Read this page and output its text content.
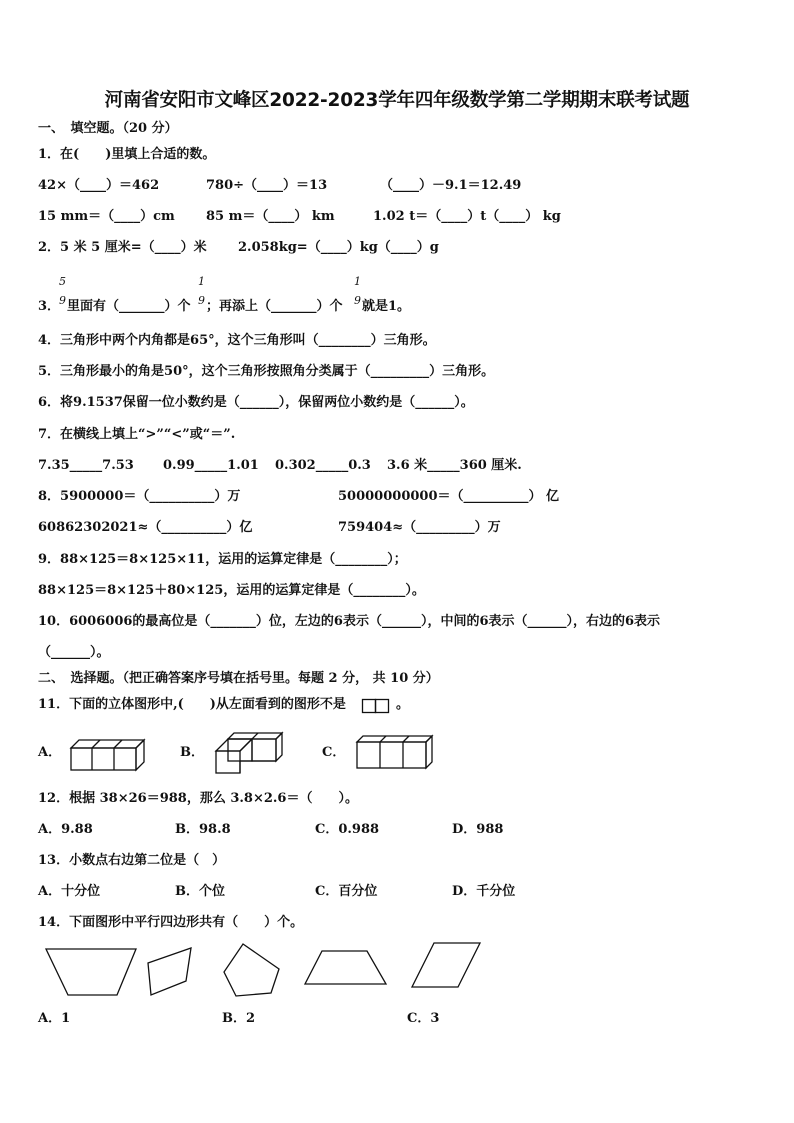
河南省安阳市文峰区2022-2023学年四年级数学第二学期期末联考试题
一、　填空题。（20 分）
1．在(　　)里填上合适的数。
42×（____）＝462	780÷（____）＝13	（____）－9.1＝12.49
15 mm＝（____）cm 85 m＝（____） km	1.02 t＝（____）t（____） kg
2．5 米 5 厘米=（____）米 2.058kg=（____）kg（____）g
5
9
1
9
1
9
3． 里面有（_______）个 ；再添上（_______）个 就是1。
4．三角形中两个内角都是65°，这个三角形叫（________）三角形。
5．三角形最小的角是50°，这个三角形按照角分类属于（_________）三角形。
6．将9.1537保留一位小数约是（______），保留两位小数约是（______）。
7．在横线上填上“>”“<”或“＝”.
7.35_____7.53 0.99_____1.01 0.302_____0.3 3.6 米_____360 厘米.
8．5900000＝（__________）万	50000000000＝（__________） 亿
60862302021≈（__________）亿	759404≈（_________）万
9．88×125＝8×125×11，运用的运算定律是（________）；
88×125＝8×125＋80×125，运用的运算定律是（________）。
10．6006006的最高位是（_______）位，左边的6表示（______），中间的6表示（______），右边的6表示
（______）。
二、　选择题。（把正确答案序号填在括号里。每题 2 分， 共 10 分）
11．下面的立体图形中,(　　)从左面看到的图形不是	。
A．	B．	C．
12．根据 38×26＝988，那么 3.8×2.6＝（　　）。
A．9.88	B．98.8	C．0.988	D．988
13．小数点右边第二位是（　）
A．十分位	B．个位	C．百分位	D．千分位
14．下面图形中平行四边形共有（　　）个。
A．1	B．2	C．3
